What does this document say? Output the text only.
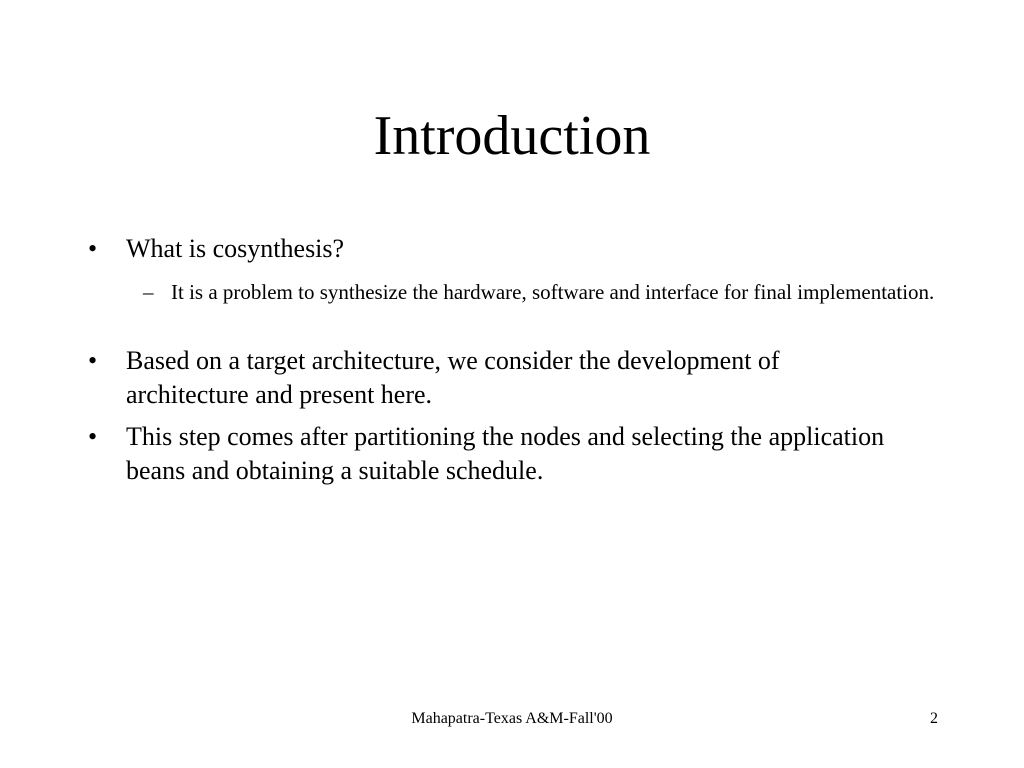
Introduction
• What is cosynthesis?
– It is a problem to synthesize the hardware, software and interface for final implementation.
• Based on a target architecture, we consider the development of architecture and present here.
• This step comes after partitioning the nodes and selecting the application beans and obtaining a suitable schedule.
Mahapatra-Texas A&M-Fall'00	2
